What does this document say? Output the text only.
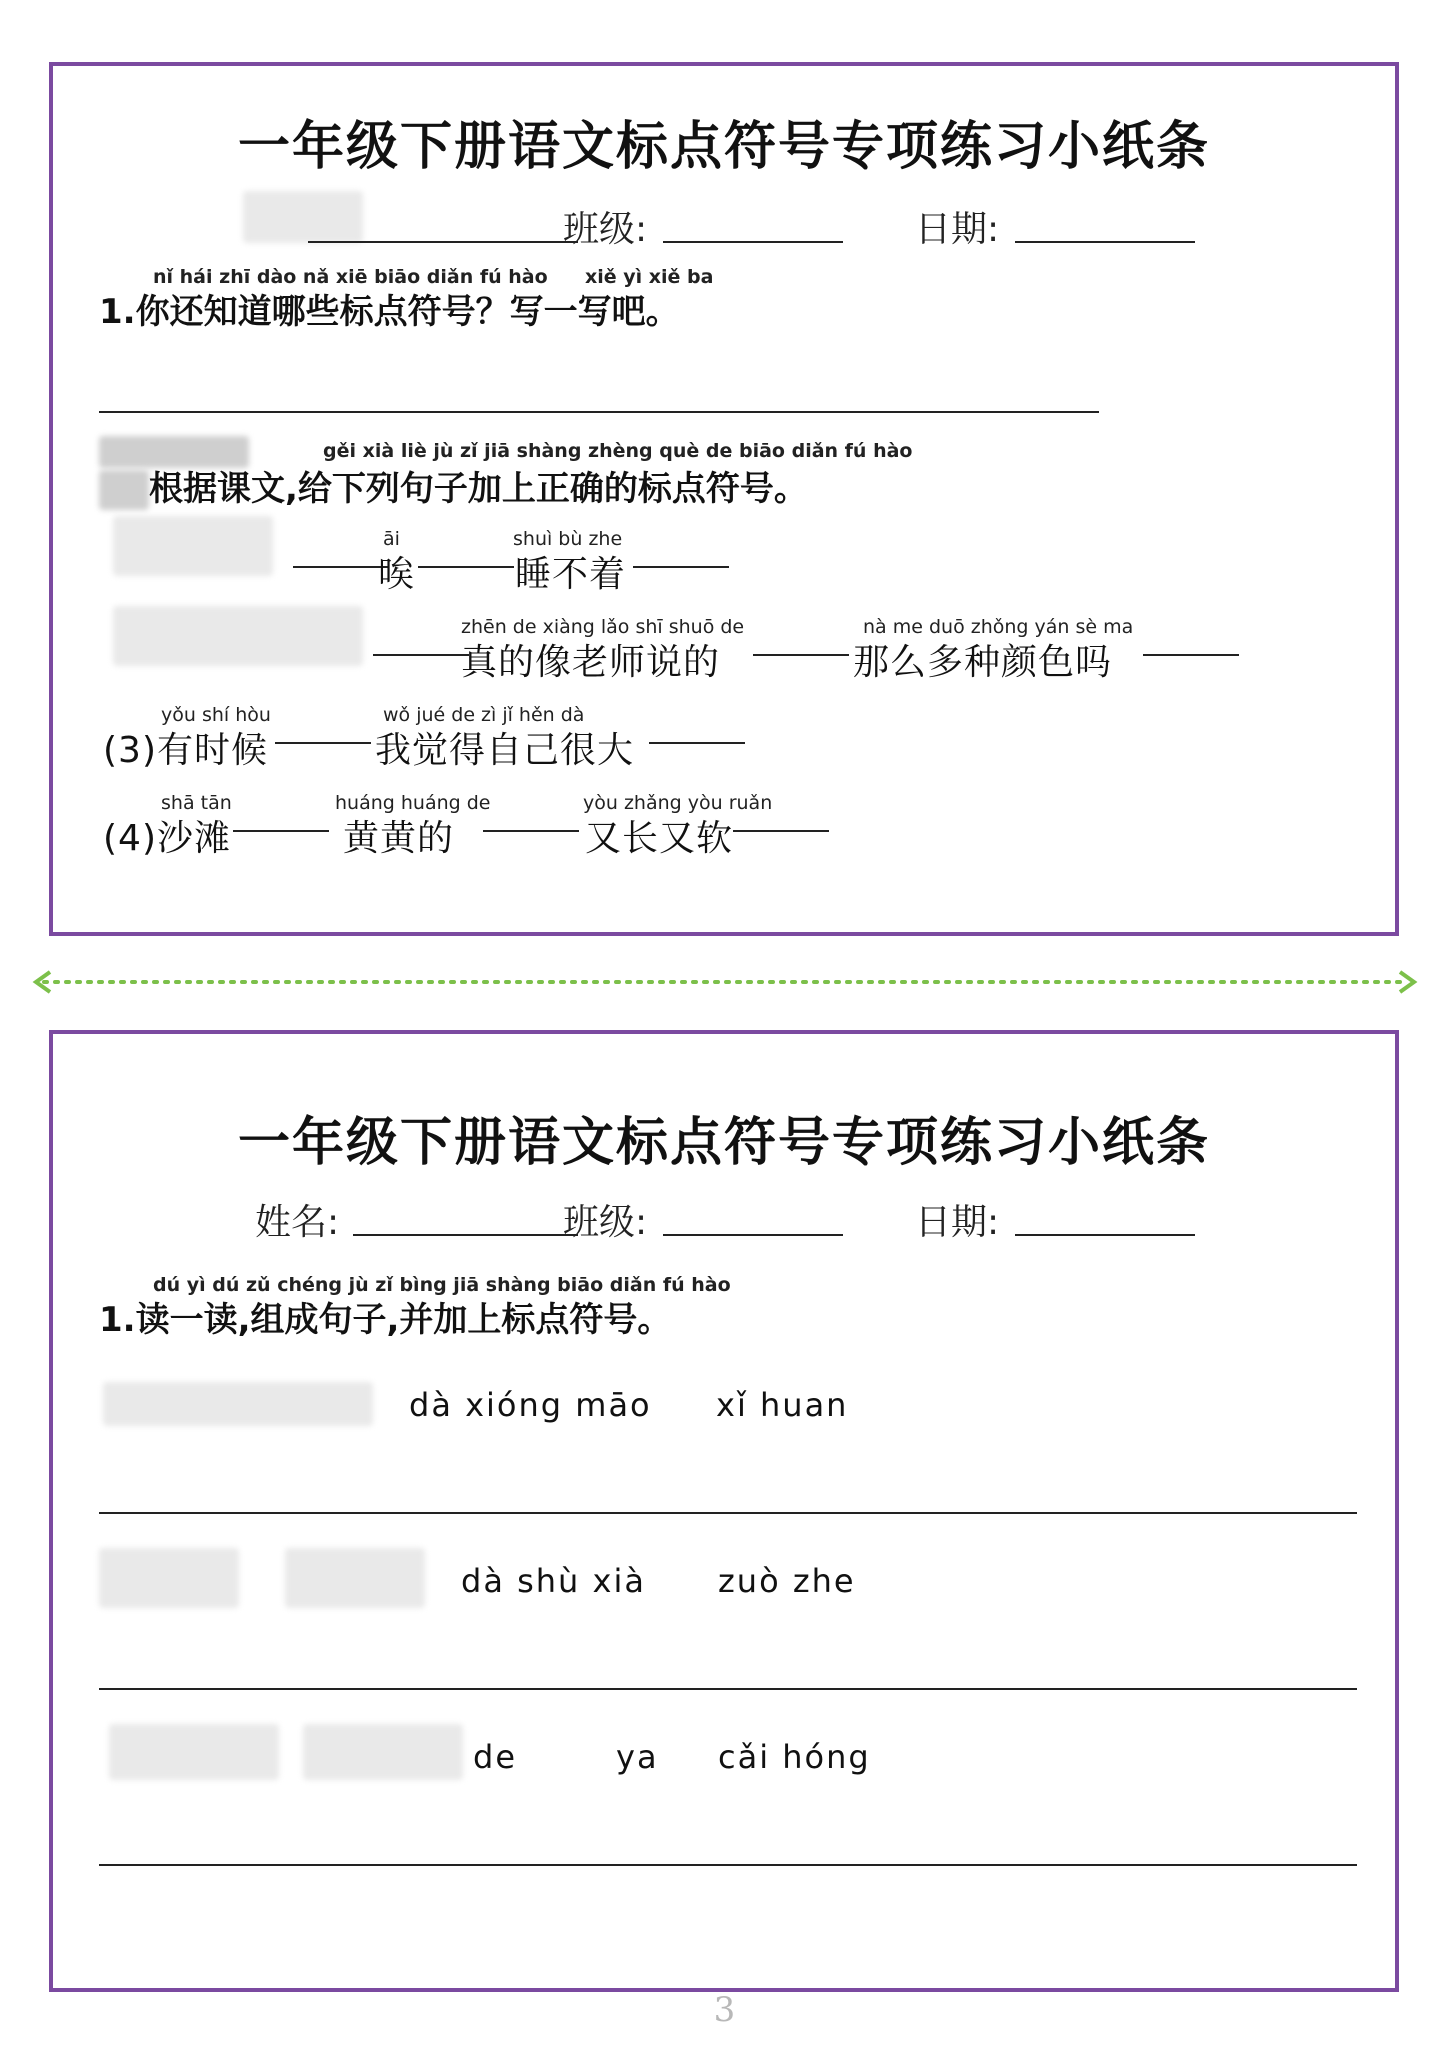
一年级下册语文标点符号专项练习小纸条
班级:	日期:
nǐ hái zhī dào nǎ xiē biāo diǎn fú hào xiě yì xiě ba
1.你还知道哪些标点符号？写一写吧。
gěi xià liè jù zǐ jiā shàng zhèng què de biāo diǎn fú hào
根据课文,给下列句子加上正确的标点符号。
āi
唉
shuì bù zhe
睡不着
zhēn de xiàng lǎo shī shuō de
真的像老师说的
nà me duō zhǒng yán sè ma
那么多种颜色吗
yǒu shí hòu
(3)有时候
wǒ jué de zì jǐ hěn dà
我觉得自己很大
shā tān
(4)沙滩
huáng huáng de
黄黄的
yòu zhǎng yòu ruǎn
又长又软
一年级下册语文标点符号专项练习小纸条
姓名:	班级:	日期:
dú yì dú zǔ chéng jù zǐ bìng jiā shàng biāo diǎn fú hào
1.读一读,组成句子,并加上标点符号。
dà xióng māo xǐ huan
dà shù xià zuò zhe
de	ya cǎi hóng
3
